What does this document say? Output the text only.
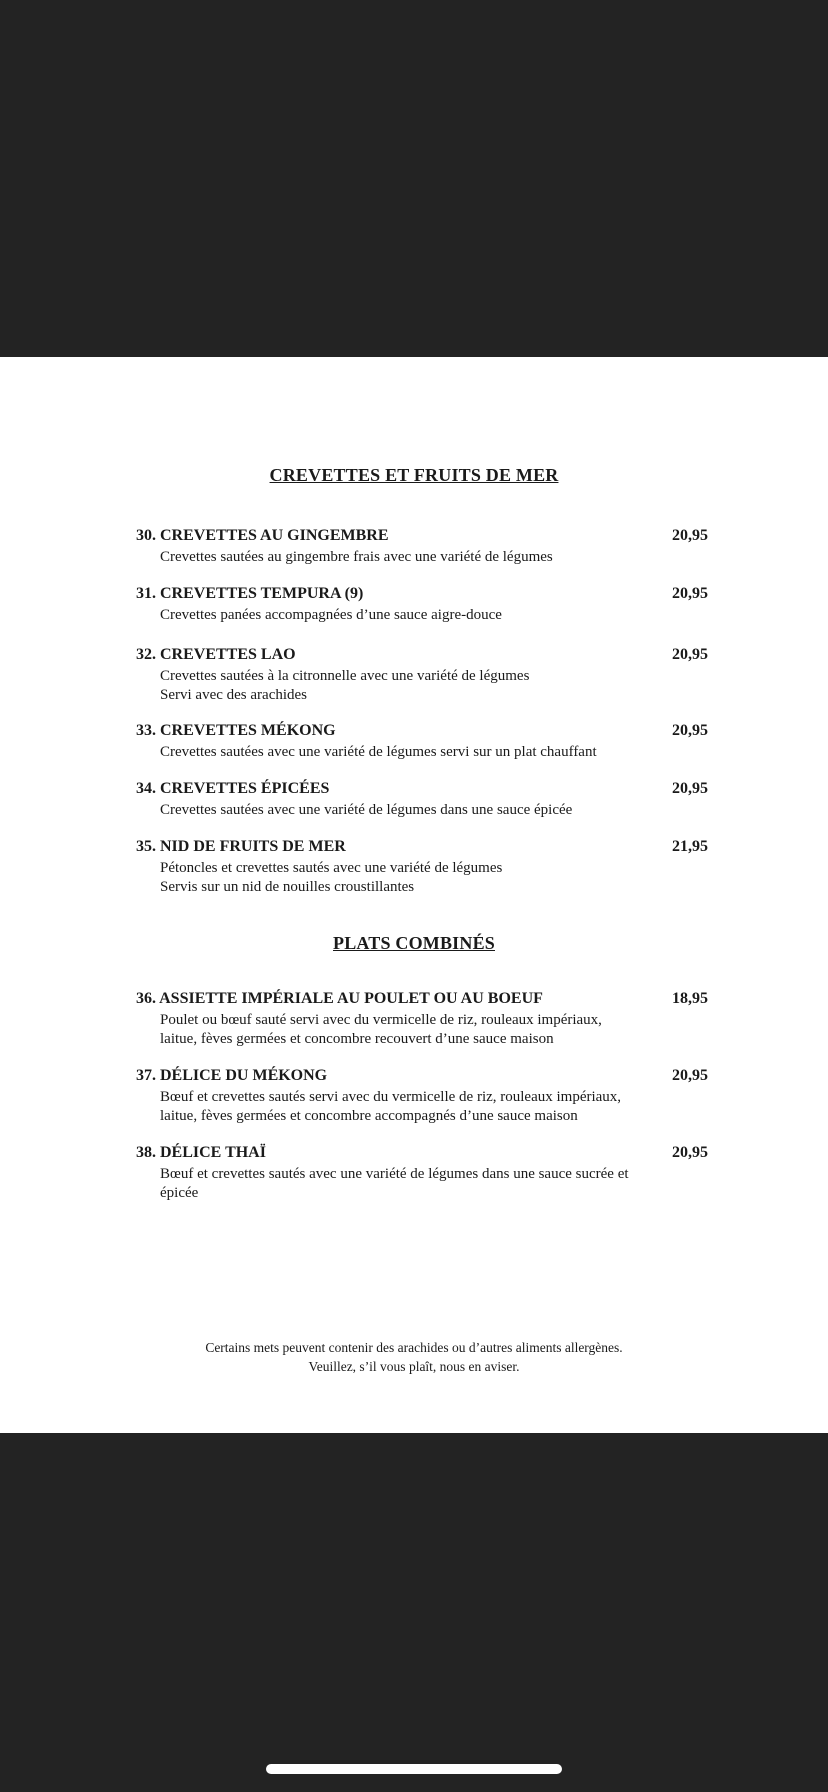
CREVETTES ET FRUITS DE MER
30. CREVETTES AU GINGEMBRE	20,95
Crevettes sautées au gingembre frais avec une variété de légumes
31. CREVETTES TEMPURA (9)	20,95
Crevettes panées accompagnées d’une sauce aigre-douce
32. CREVETTES LAO	20,95
Crevettes sautées à la citronnelle avec une variété de légumes
Servi avec des arachides
33. CREVETTES MÉKONG	20,95
Crevettes sautées avec une variété de légumes servi sur un plat chauffant
34. CREVETTES ÉPICÉES	20,95
Crevettes sautées avec une variété de légumes dans une sauce épicée
35. NID DE FRUITS DE MER	21,95
Pétoncles et crevettes sautés avec une variété de légumes
Servis sur un nid de nouilles croustillantes
PLATS COMBINÉS
36. ASSIETTE IMPÉRIALE AU POULET OU AU BOEUF	18,95
Poulet ou bœuf sauté servi avec du vermicelle de riz, rouleaux impériaux,
laitue, fèves germées et concombre recouvert d’une sauce maison
37. DÉLICE DU MÉKONG	20,95
Bœuf et crevettes sautés servi avec du vermicelle de riz, rouleaux impériaux,
laitue, fèves germées et concombre accompagnés d’une sauce maison
38. DÉLICE THAÏ	20,95
Bœuf et crevettes sautés avec une variété de légumes dans une sauce sucrée et
épicée
Certains mets peuvent contenir des arachides ou d’autres aliments allergènes.
Veuillez, s’il vous plaît, nous en aviser.
